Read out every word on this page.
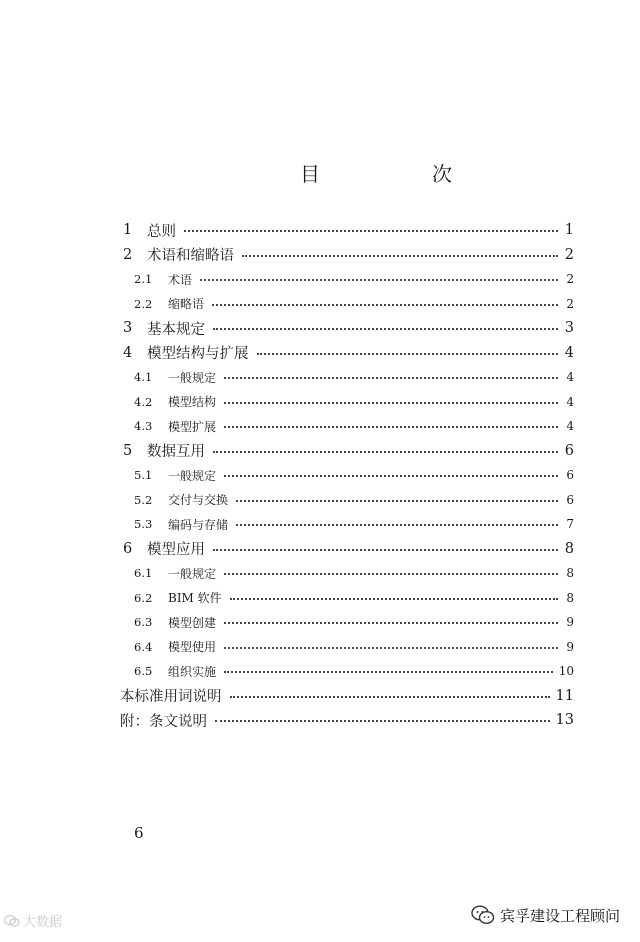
目　次
1	总则	1
2	术语和缩略语	2
2.1	术语	2
2.2	缩略语	2
3	基本规定	3
4	模型结构与扩展	4
4.1	一般规定	4
4.2	模型结构	4
4.3	模型扩展	4
5	数据互用	6
5.1	一般规定	6
5.2	交付与交换	6
5.3	编码与存储	7
6	模型应用	8
6.1	一般规定	8
6.2	BIM 软件	8
6.3	模型创建	9
6.4	模型使用	9
6.5	组织实施	10
本标准用词说明	11
附：条文说明	13
6
大数据	宾孚建设工程顾问
